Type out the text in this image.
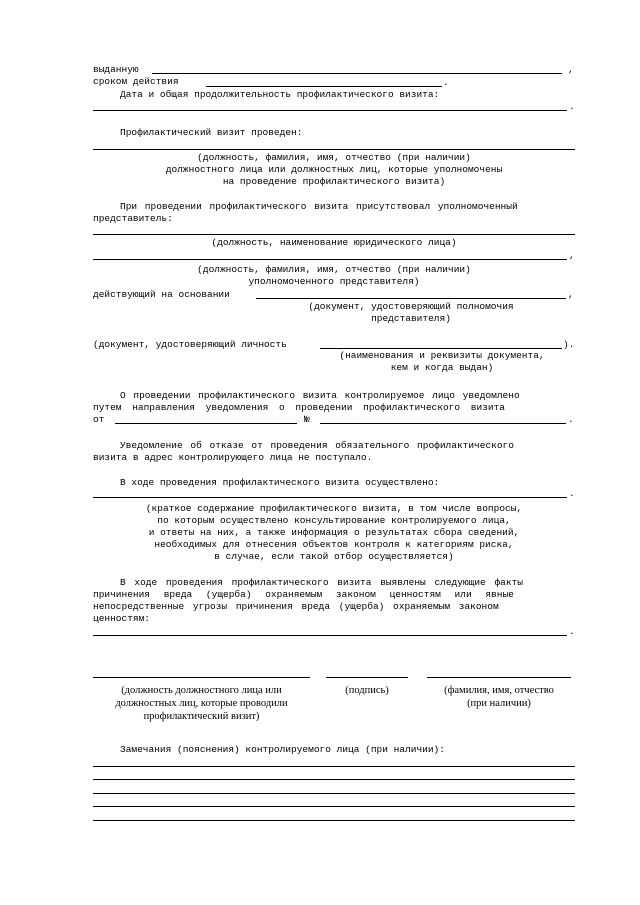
выданную	,
сроком действия	.
Дата и общая продолжительность профилактического визита:
.
Профилактический визит проведен:
(должность, фамилия, имя, отчество (при наличии)
должностного лица или должностных лиц, которые уполномочены
на проведение профилактического визита)
При проведении профилактического визита присутствовал уполномоченный
представитель:
(должность, наименование юридического лица)
,
(должность, фамилия, имя, отчество (при наличии)
уполномоченного представителя)
действующий на основании	,
(документ, удостоверяющий полномочия
представителя)
(документ, удостоверяющий личность	).
(наименования и реквизиты документа,
кем и когда выдан)
О проведении профилактического визита контролируемое лицо уведомлено
путем направления уведомления о проведении профилактического визита
от	№	.
Уведомление об отказе от проведения обязательного профилактического
визита в адрес контролирующего лица не поступало.
В ходе проведения профилактического визита осуществлено:
.
(краткое содержание профилактического визита, в том числе вопросы,
по которым осуществлено консультирование контролируемого лица,
и ответы на них, а также информация о результатах сбора сведений,
необходимых для отнесения объектов контроля к категориям риска,
в случае, если такой отбор осуществляется)
В ходе проведения профилактического визита выявлены следующие факты
причинения вреда (ущерба) охраняемым законом ценностям или явные
непосредственные угрозы причинения вреда (ущерба) охраняемым законом
ценностям:
.
(должность должностного лица или
должностных лиц, которые проводили
профилактический визит)
(подпись)	(фамилия, имя, отчество
(при наличии)
Замечания (пояснения) контролируемого лица (при наличии):
